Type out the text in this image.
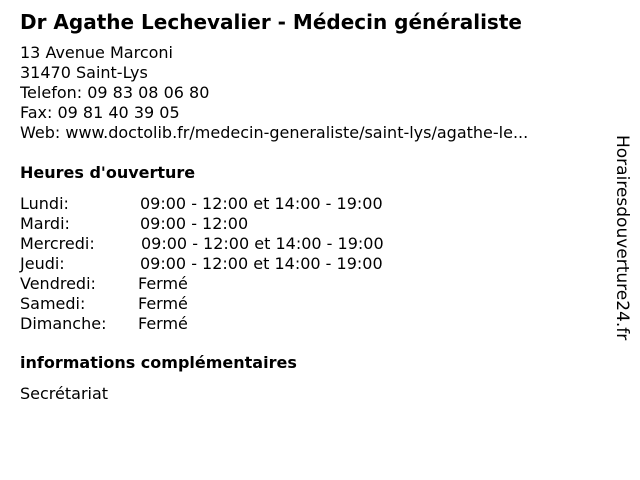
Dr Agathe Lechevalier - Médecin généraliste
13 Avenue Marconi
31470 Saint-Lys
Telefon: 09 83 08 06 80
Fax: 09 81 40 39 05
Web: www.doctolib.fr/medecin-generaliste/saint-lys/agathe-le...
Heures d'ouverture
Lundi:	09:00 - 12:00 et 14:00 - 19:00
Mardi:	09:00 - 12:00
Mercredi:	09:00 - 12:00 et 14:00 - 19:00
Jeudi:	09:00 - 12:00 et 14:00 - 19:00
Vendredi:	Fermé
Samedi:	Fermé
Dimanche: Fermé
informations complémentaires
Secrétariat
Horairesdouverture24.fr
